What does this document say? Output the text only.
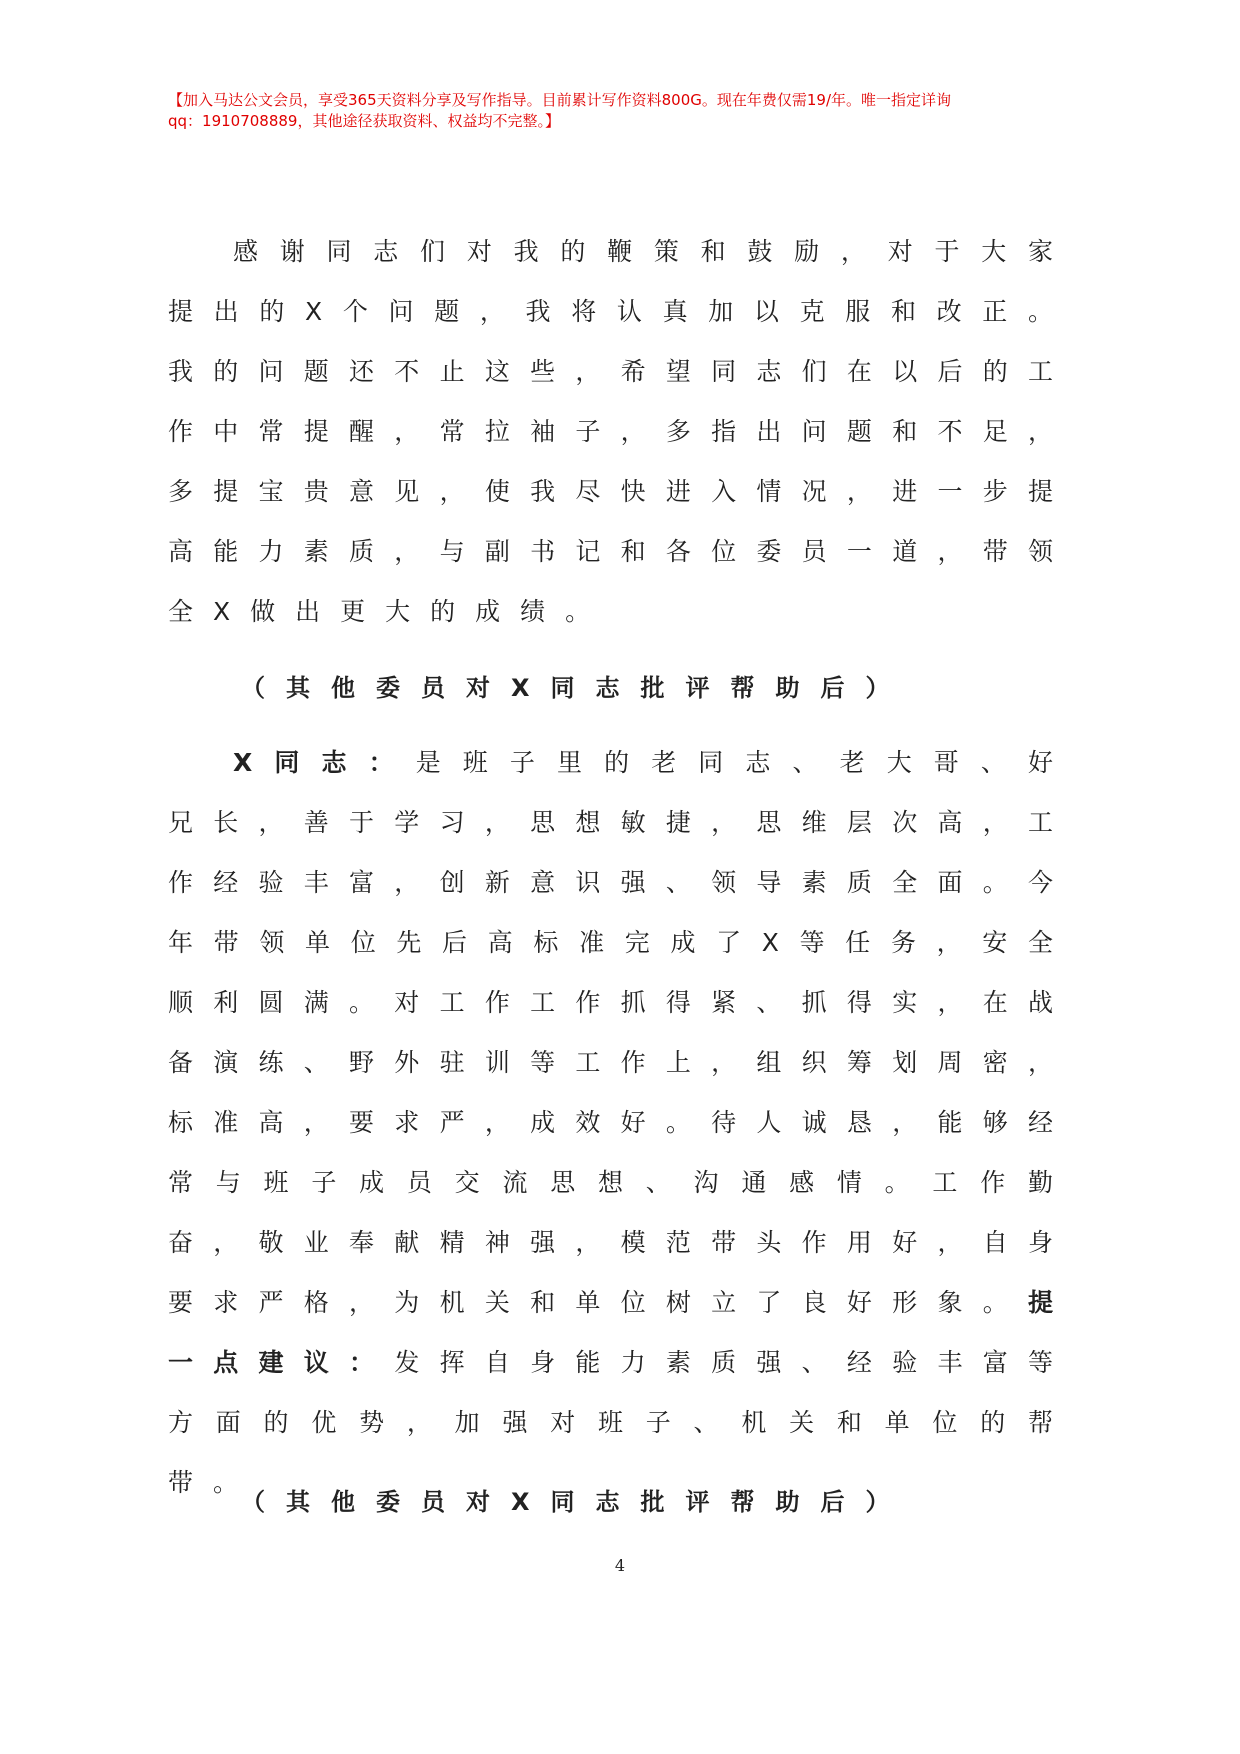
【加入马达公文会员，享受365天资料分享及写作指导。目前累计写作资料800G。现在年费仅需19/年。唯一指定详询
qq：1910708889，其他途径获取资料、权益均不完整。】

感谢同志们对我的鞭策和鼓励，对于大家提出的X个问题，我将认真加以克服和改正。我的问题还不止这些，希望同志们在以后的工作中常提醒，常拉袖子，多指出问题和不足，多提宝贵意见，使我尽快进入情况，进一步提高能力素质，与副书记和各位委员一道，带领全X做出更大的成绩。

（其他委员对X同志批评帮助后）

X同志：是班子里的老同志、老大哥、好兄长，善于学习，思想敏捷，思维层次高，工作经验丰富，创新意识强、领导素质全面。今年带领单位先后高标准完成了X等任务，安全顺利圆满。对工作工作抓得紧、抓得实，在战备演练、野外驻训等工作上，组织筹划周密，标准高，要求严，成效好。待人诚恳，能够经常与班子成员交流思想、沟通感情。工作勤奋，敬业奉献精神强，模范带头作用好，自身要求严格，为机关和单位树立了良好形象。提一点建议：发挥自身能力素质强、经验丰富等方面的优势，加强对班子、机关和单位的帮带。

（其他委员对X同志批评帮助后）
4
